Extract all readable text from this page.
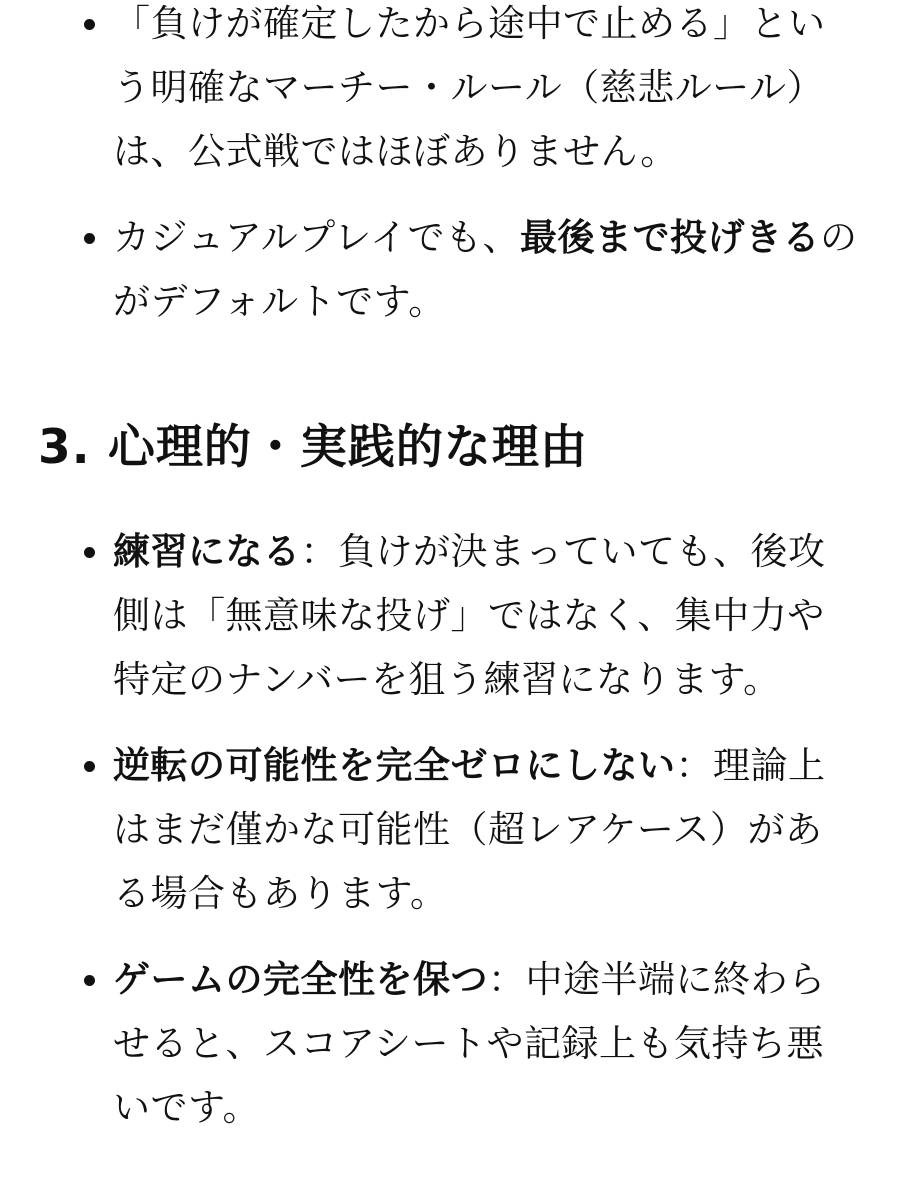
「負けが確定したから途中で止める」という明確なマーチー・ルール（慈悲ルール）は、公式戦ではほぼありません。
カジュアルプレイでも、最後まで投げきるのがデフォルトです。
3. 心理的・実践的な理由
練習になる：負けが決まっていても、後攻側は「無意味な投げ」ではなく、集中力や特定のナンバーを狙う練習になります。
逆転の可能性を完全ゼロにしない：理論上はまだ僅かな可能性（超レアケース）がある場合もあります。
ゲームの完全性を保つ：中途半端に終わらせると、スコアシートや記録上も気持ち悪いです。
